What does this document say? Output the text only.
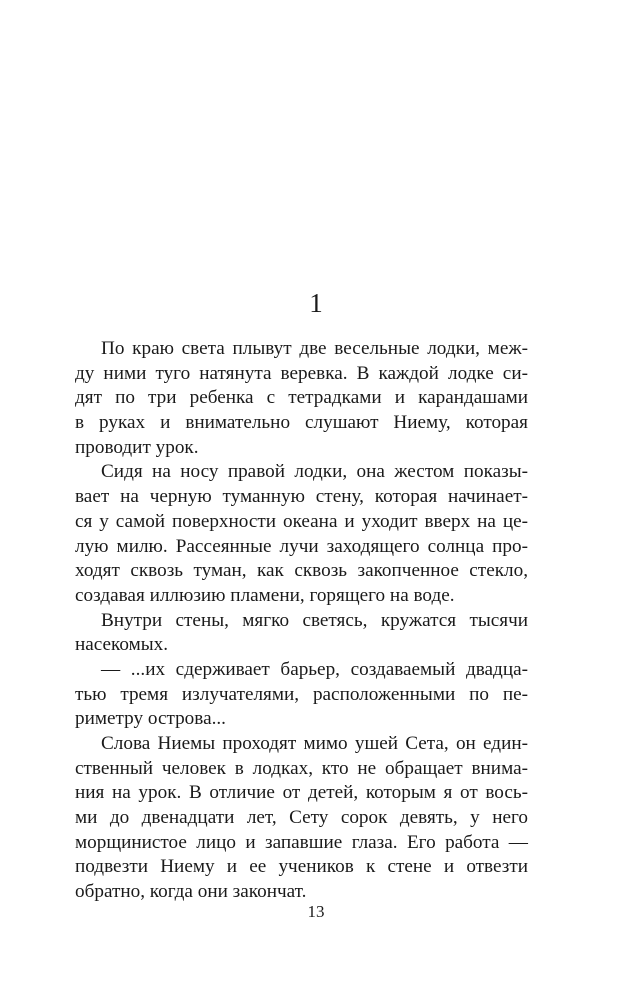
1
По краю света плывут две весельные лодки, меж-
ду ними туго натянута веревка. В каждой лодке си-
дят по три ребенка с тетрадками и карандашами
в руках и внимательно слушают Ниему, которая
проводит урок.
Сидя на носу правой лодки, она жестом показы-
вает на черную туманную стену, которая начинает-
ся у самой поверхности океана и уходит вверх на це-
лую милю. Рассеянные лучи заходящего солнца про-
ходят сквозь туман, как сквозь закопченное стекло,
создавая иллюзию пламени, горящего на воде.
Внутри стены, мягко светясь, кружатся тысячи
насекомых.
— ...их сдерживает барьер, создаваемый двадца-
тью тремя излучателями, расположенными по пе-
риметру острова...
Слова Ниемы проходят мимо ушей Сета, он един-
ственный человек в лодках, кто не обращает внима-
ния на урок. В отличие от детей, которым я от вось-
ми до двенадцати лет, Сету сорок девять, у него
морщинистое лицо и запавшие глаза. Его работа —
подвезти Ниему и ее учеников к стене и отвезти
обратно, когда они закончат.
13
